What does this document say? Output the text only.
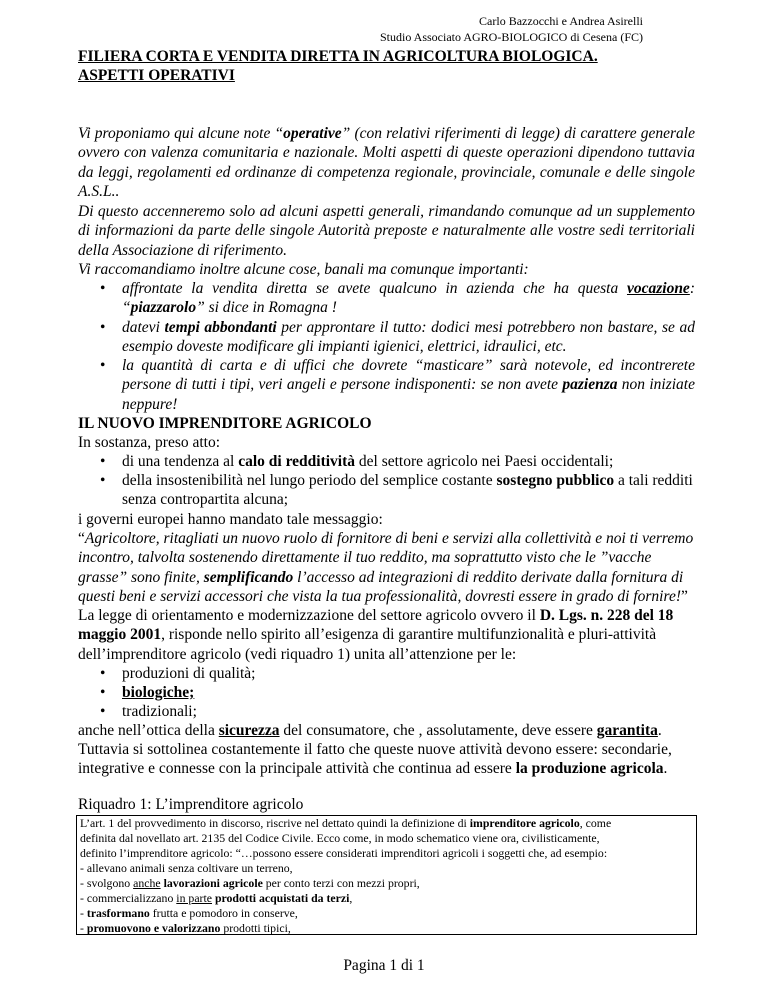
Carlo Bazzocchi e Andrea Asirelli
Studio Associato AGRO-BIOLOGICO di Cesena (FC)
FILIERA CORTA E VENDITA DIRETTA IN AGRICOLTURA BIOLOGICA.
ASPETTI OPERATIVI
Vi proponiamo qui alcune note “operative” (con relativi riferimenti di legge) di carattere generale ovvero con valenza comunitaria e nazionale. Molti aspetti di queste operazioni dipendono tuttavia da leggi, regolamenti ed ordinanze di competenza regionale, provinciale, comunale e delle singole A.S.L..
Di questo accenneremo solo ad alcuni aspetti generali, rimandando comunque ad un supplemento di informazioni da parte delle singole Autorità preposte e naturalmente alle vostre sedi territoriali della Associazione di riferimento.
Vi raccomandiamo inoltre alcune cose, banali ma comunque importanti:
• affrontate la vendita diretta se avete qualcuno in azienda che ha questa vocazione: “piazzarolo” si dice in Romagna !
• datevi tempi abbondanti per approntare il tutto: dodici mesi potrebbero non bastare, se ad esempio doveste modificare gli impianti igienici, elettrici, idraulici, etc.
• la quantità di carta e di uffici che dovrete “masticare” sarà notevole, ed incontrerete persone di tutti i tipi, veri angeli e persone indisponenti: se non avete pazienza non iniziate neppure!
IL NUOVO IMPRENDITORE AGRICOLO
In sostanza, preso atto:
• di una tendenza al calo di redditività del settore agricolo nei Paesi occidentali;
• della insostenibilità nel lungo periodo del semplice costante sostegno pubblico a tali redditi senza contropartita alcuna;
i governi europei hanno mandato tale messaggio:
“Agricoltore, ritagliati un nuovo ruolo di fornitore di beni e servizi alla collettività e noi ti verremo incontro, talvolta sostenendo direttamente il tuo reddito, ma soprattutto visto che le ”vacche grasse” sono finite, semplificando l’accesso ad integrazioni di reddito derivate dalla fornitura di questi beni e servizi accessori che vista la tua professionalità, dovresti essere in grado di fornire!”
La legge di orientamento e modernizzazione del settore agricolo ovvero il D. Lgs. n. 228 del 18 maggio 2001, risponde nello spirito all’esigenza di garantire multifunzionalità e pluri-attività dell’imprenditore agricolo (vedi riquadro 1) unita all’attenzione per le:
• produzioni di qualità;
• biologiche;
• tradizionali;
anche nell’ottica della sicurezza del consumatore, che , assolutamente, deve essere garantita.
Tuttavia si sottolinea costantemente il fatto che queste nuove attività devono essere: secondarie, integrative e connesse con la principale attività che continua ad essere la produzione agricola.
Riquadro 1: L’imprenditore agricolo
L’art. 1 del provvedimento in discorso, riscrive nel dettato quindi la definizione di imprenditore agricolo, come
definita dal novellato art. 2135 del Codice Civile. Ecco come, in modo schematico viene ora, civilisticamente,
definito l’imprenditore agricolo: “…possono essere considerati imprenditori agricoli i soggetti che, ad esempio:
- allevano animali senza coltivare un terreno,
- svolgono anche lavorazioni agricole per conto terzi con mezzi propri,
- commercializzano in parte prodotti acquistati da terzi,
- trasformano frutta e pomodoro in conserve,
- promuovono e valorizzano prodotti tipici,
Pagina 1 di 1
